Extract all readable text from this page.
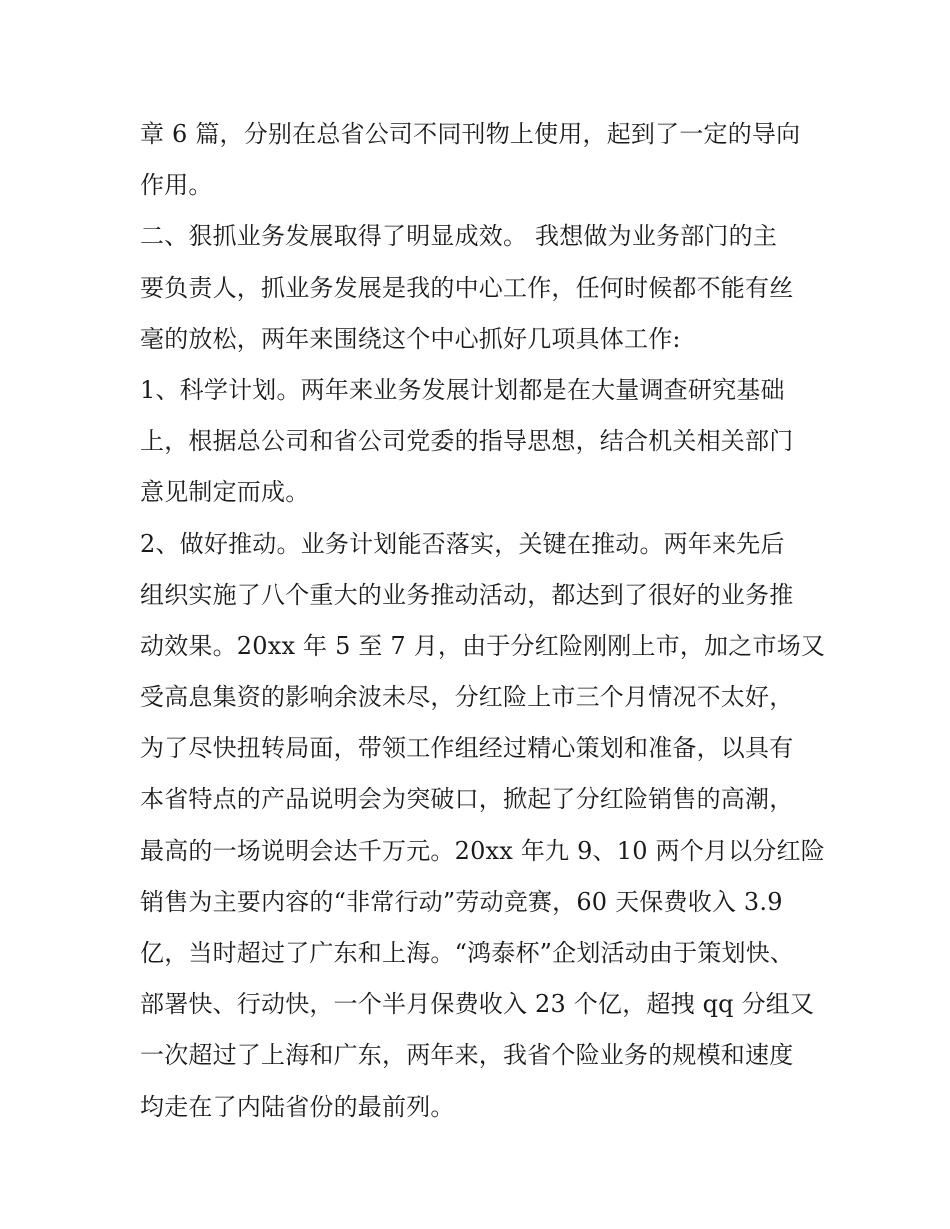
章 6 篇，分别在总省公司不同刊物上使用，起到了一定的导向
作用。
二、狠抓业务发展取得了明显成效。 我想做为业务部门的主
要负责人，抓业务发展是我的中心工作，任何时候都不能有丝
毫的放松，两年来围绕这个中心抓好几项具体工作:
1、科学计划。两年来业务发展计划都是在大量调查研究基础
上，根据总公司和省公司党委的指导思想，结合机关相关部门
意见制定而成。
2、做好推动。业务计划能否落实，关键在推动。两年来先后
组织实施了八个重大的业务推动活动，都达到了很好的业务推
动效果。20xx 年 5 至 7 月，由于分红险刚刚上市，加之市场又
受高息集资的影响余波未尽，分红险上市三个月情况不太好，
为了尽快扭转局面，带领工作组经过精心策划和准备，以具有
本省特点的产品说明会为突破口，掀起了分红险销售的高潮，
最高的一场说明会达千万元。20xx 年九 9、10 两个月以分红险
销售为主要内容的“非常行动”劳动竞赛，60 天保费收入 3.9
亿，当时超过了广东和上海。“鸿泰杯”企划活动由于策划快、
部署快、行动快，一个半月保费收入 23 个亿，超拽 qq 分组又
一次超过了上海和广东，两年来，我省个险业务的规模和速度
均走在了内陆省份的最前列。
